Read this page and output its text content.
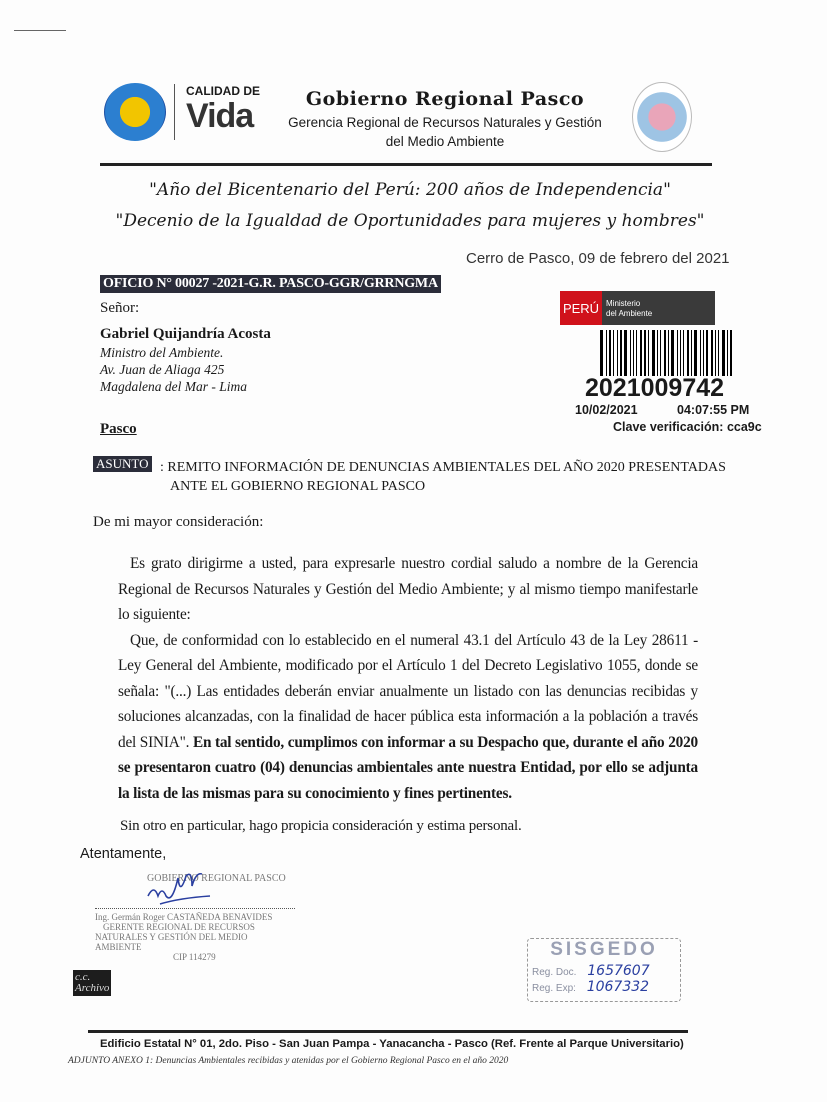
CALIDAD DE
Vida	Gobierno Regional Pasco
Gerencia Regional de Recursos Naturales y Gestión
del Medio Ambiente
"Año del Bicentenario del Perú: 200 años de Independencia"
"Decenio de la Igualdad de Oportunidades para mujeres y hombres"
Cerro de Pasco, 09 de febrero del 2021
OFICIO N° 00027 -2021-G.R. PASCO-GGR/GRRNGMA
Señor:
Gabriel Quijandría Acosta
Ministro del Ambiente.
Av. Juan de Aliaga 425
Magdalena del Mar - Lima
Pasco
PERÚ Ministerio
del Ambiente
2021009742
10/02/2021	04:07:55 PM
Clave verificación: cca9c
ASUNTO : REMITO INFORMACIÓN DE DENUNCIAS AMBIENTALES DEL AÑO 2020 PRESENTADAS
ANTE EL GOBIERNO REGIONAL PASCO
De mi mayor consideración:

Es grato dirigirme a usted, para expresarle nuestro cordial saludo a nombre de la Gerencia Regional de Recursos Naturales y Gestión del Medio Ambiente; y al mismo tiempo manifestarle lo siguiente:

Que, de conformidad con lo establecido en el numeral 43.1 del Artículo 43 de la Ley 28611 - Ley General del Ambiente, modificado por el Artículo 1 del Decreto Legislativo 1055, donde se señala: "(...) Las entidades deberán enviar anualmente un listado con las denuncias recibidas y soluciones alcanzadas, con la finalidad de hacer pública esta información a la población a través del SINIA". En tal sentido, cumplimos con informar a su Despacho que, durante el año 2020 se presentaron cuatro (04) denuncias ambientales ante nuestra Entidad, por ello se adjunta la lista de las mismas para su conocimiento y fines pertinentes.

Sin otro en particular, hago propicia consideración y estima personal.
Atentamente,
GOBIERNO REGIONAL PASCO
Ing. Germán Roger CASTAÑEDA BENAVIDES
GERENTE REGIONAL DE RECURSOS
NATURALES Y GESTIÓN DEL MEDIO AMBIENTE
CIP 114279
c.c.
Archivo
SISGEDO
Reg. Doc. 1657607
Reg. Exp: 1067332
Edificio Estatal N° 01, 2do. Piso - San Juan Pampa - Yanacancha - Pasco (Ref. Frente al Parque Universitario)
ADJUNTO ANEXO 1: Denuncias Ambientales recibidas y atenidas por el Gobierno Regional Pasco en el año 2020
